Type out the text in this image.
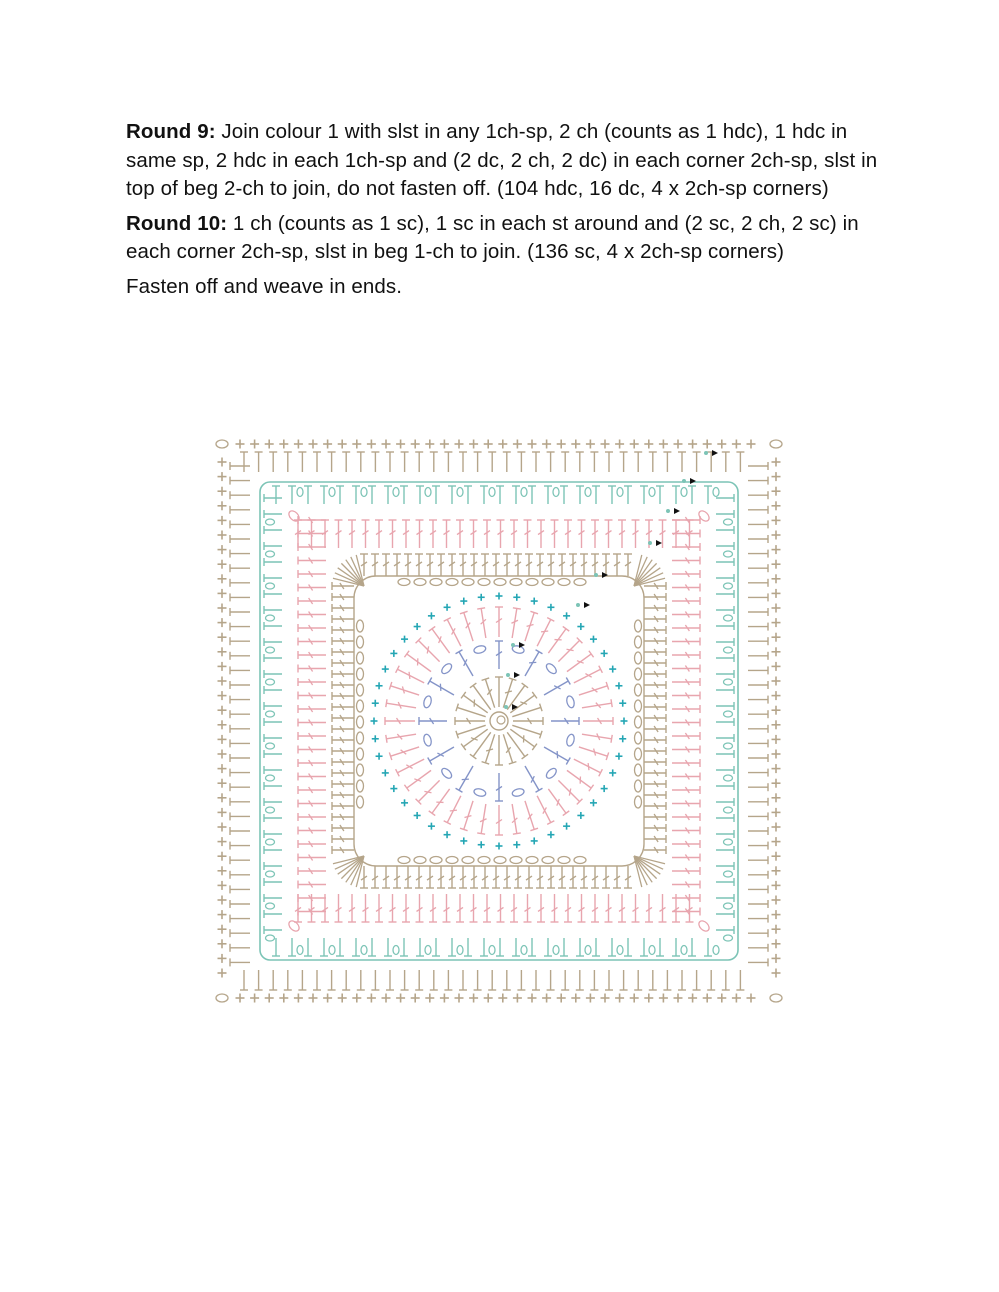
Round 9: Join colour 1 with slst in any 1ch-sp, 2 ch (counts as 1 hdc), 1 hdc in same sp, 2 hdc in each 1ch-sp and (2 dc, 2 ch, 2 dc) in each corner 2ch-sp, slst in top of beg 2-ch to join, do not fasten off. (104 hdc, 16 dc, 4 x 2ch-sp corners)

Round 10: 1 ch (counts as 1 sc), 1 sc in each st around and (2 sc, 2 ch, 2 sc) in each corner 2ch-sp, slst in beg 1-ch to join. (136 sc, 4 x 2ch-sp corners)

Fasten off and weave in ends.
